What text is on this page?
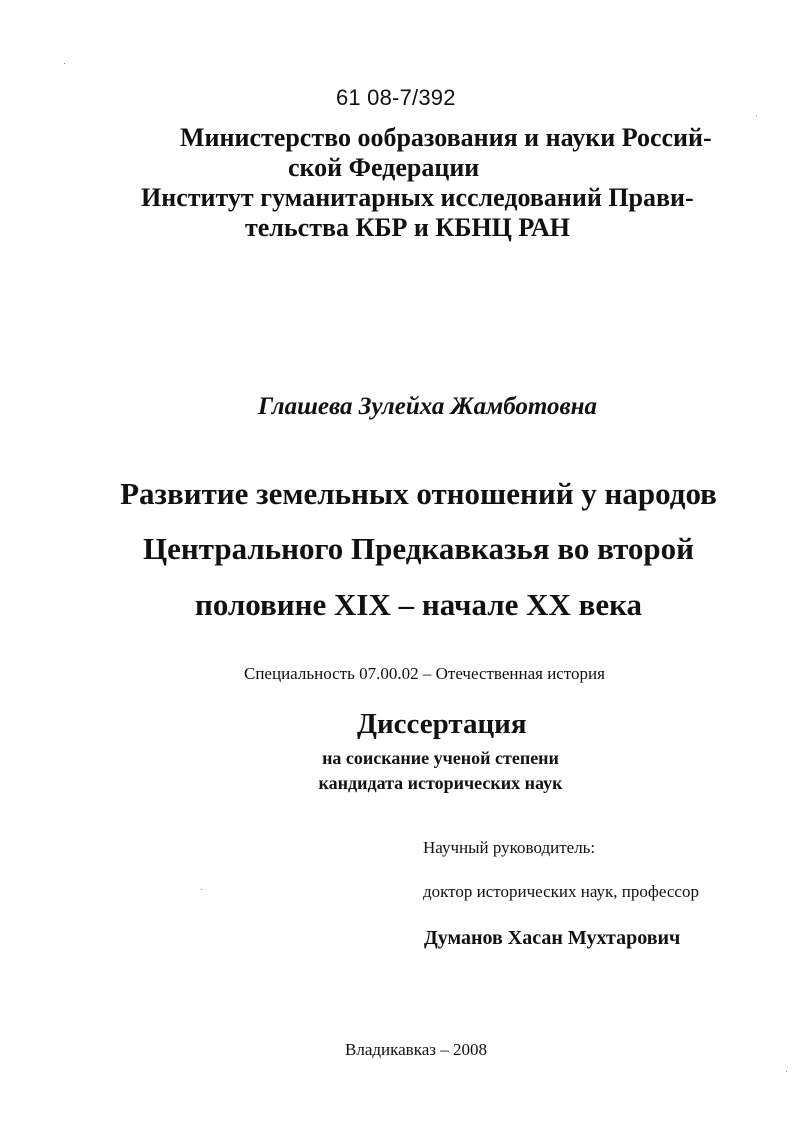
61 08-7/392
Министерство ообразования и науки Россий-
ской Федерации
Институт гуманитарных исследований Прави-
тельства КБР и КБНЦ РАН
Глашева Зулейха Жамботовна
Развитие земельных отношений у народов
Центрального Предкавказья во второй
половине XIX – начале XX века
Специальность 07.00.02 – Отечественная история
Диссертация
на соискание ученой степени
кандидата исторических наук
Научный руководитель:
доктор исторических наук, профессор
Думанов Хасан Мухтарович
Владикавказ – 2008
